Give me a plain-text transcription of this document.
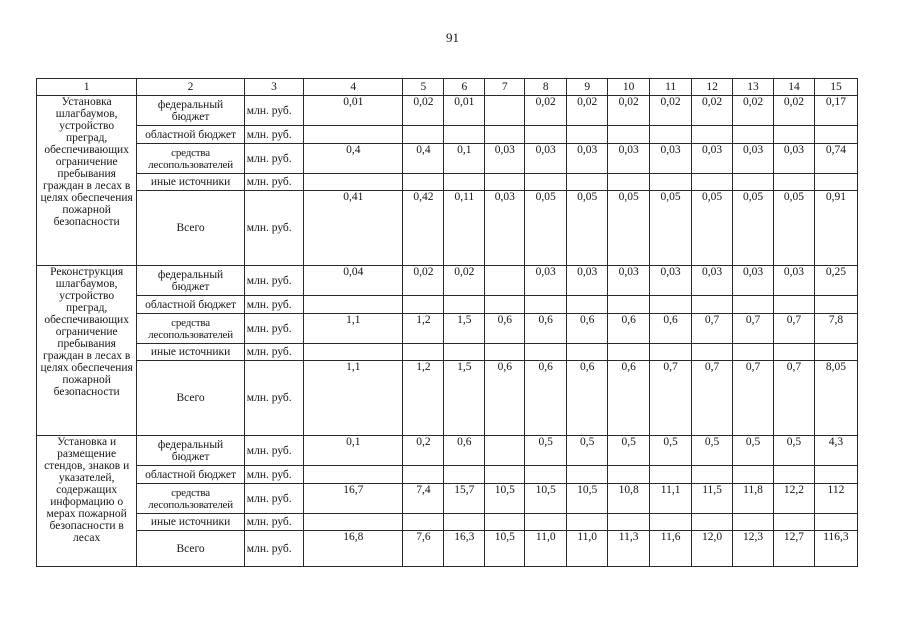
91
1	2	3	4	5	6	7	8	9	10	11	12	13	14	15
Установка шлагбаумов, устройство преград, обеспечивающих ограничение пребывания граждан в лесах в целях обеспечения пожарной безопасности	федеральный бюджет	млн. руб.	0,01	0,02	0,01		0,02	0,02	0,02	0,02	0,02	0,02	0,02	0,17
	областной бюджет	млн. руб.												
	средства лесопользователей	млн. руб.	0,4	0,4	0,1	0,03	0,03	0,03	0,03	0,03	0,03	0,03	0,03	0,74
	иные источники	млн. руб.												
	Всего	млн. руб.	0,41	0,42	0,11	0,03	0,05	0,05	0,05	0,05	0,05	0,05	0,05	0,91
Реконструкция шлагбаумов, устройство преград, обеспечивающих ограничение пребывания граждан в лесах в целях обеспечения пожарной безопасности	федеральный бюджет	млн. руб.	0,04	0,02	0,02		0,03	0,03	0,03	0,03	0,03	0,03	0,03	0,25
	областной бюджет	млн. руб.												
	средства лесопользователей	млн. руб.	1,1	1,2	1,5	0,6	0,6	0,6	0,6	0,6	0,7	0,7	0,7	7,8
	иные источники	млн. руб.												
	Всего	млн. руб.	1,1	1,2	1,5	0,6	0,6	0,6	0,6	0,7	0,7	0,7	0,7	8,05
Установка и размещение стендов, знаков и указателей, содержащих информацию о мерах пожарной безопасности в лесах	федеральный бюджет	млн. руб.	0,1	0,2	0,6		0,5	0,5	0,5	0,5	0,5	0,5	0,5	4,3
	областной бюджет	млн. руб.												
	средства лесопользователей	млн. руб.	16,7	7,4	15,7	10,5	10,5	10,5	10,8	11,1	11,5	11,8	12,2	112
	иные источники	млн. руб.												
	Всего	млн. руб.	16,8	7,6	16,3	10,5	11,0	11,0	11,3	11,6	12,0	12,3	12,7	116,3
